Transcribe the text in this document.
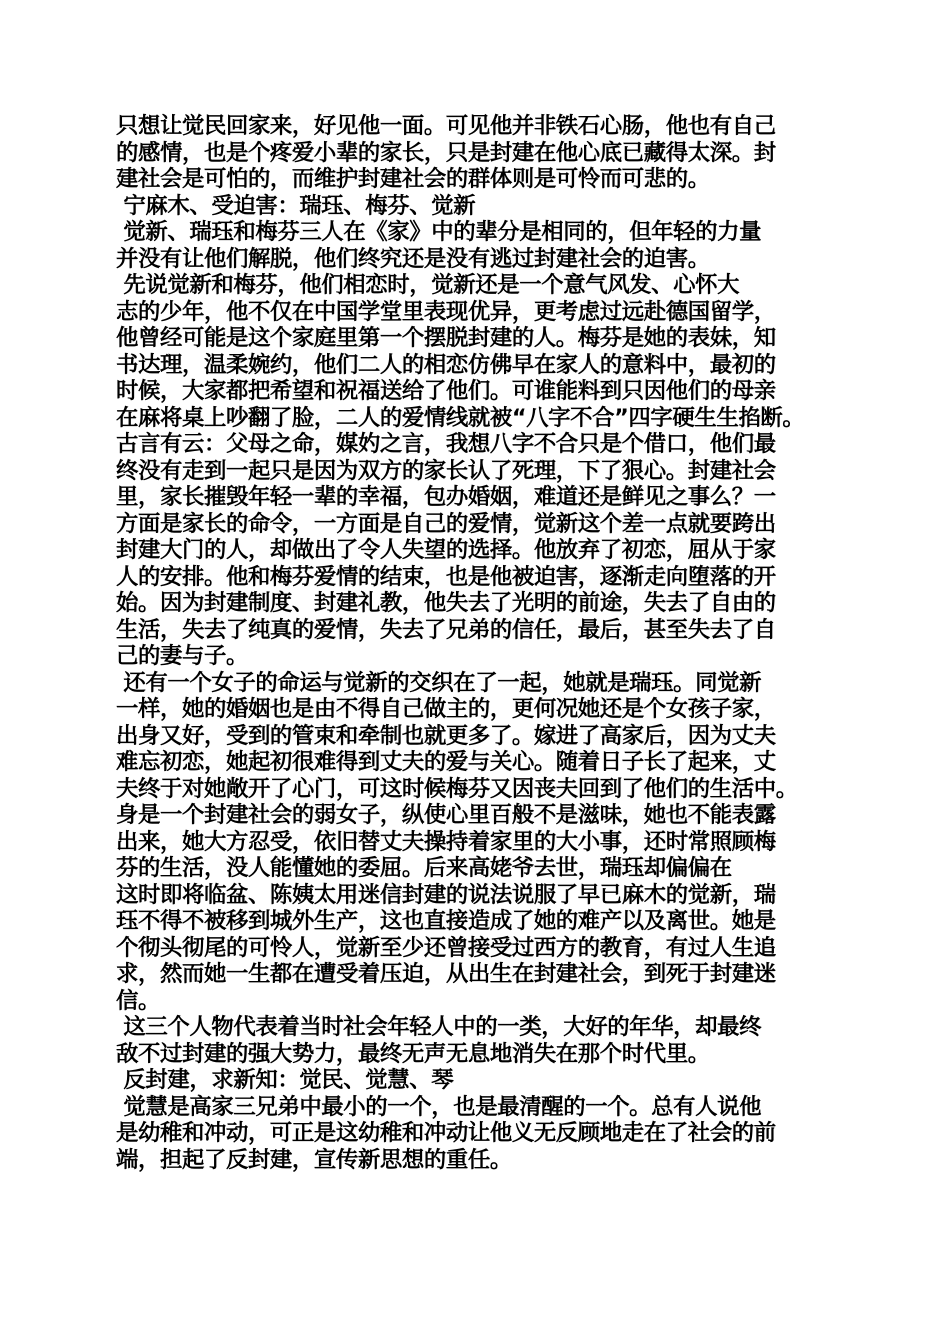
只想让觉民回家来，好见他一面。可见他并非铁石心肠，他也有自己
的感情，也是个疼爱小辈的家长，只是封建在他心底已藏得太深。封
建社会是可怕的，而维护封建社会的群体则是可怜而可悲的。
宁麻木、受迫害：瑞珏、梅芬、觉新
觉新、瑞珏和梅芬三人在《家》中的辈分是相同的，但年轻的力量
并没有让他们解脱，他们终究还是没有逃过封建社会的迫害。
先说觉新和梅芬，他们相恋时，觉新还是一个意气风发、心怀大
志的少年，他不仅在中国学堂里表现优异，更考虑过远赴德国留学，
他曾经可能是这个家庭里第一个摆脱封建的人。梅芬是她的表妹，知
书达理，温柔婉约，他们二人的相恋仿佛早在家人的意料中，最初的
时候，大家都把希望和祝福送给了他们。可谁能料到只因他们的母亲
在麻将桌上吵翻了脸，二人的爱情线就被“八字不合”四字硬生生掐断。
古言有云：父母之命，媒妁之言，我想八字不合只是个借口，他们最
终没有走到一起只是因为双方的家长认了死理，下了狠心。封建社会
里，家长摧毁年轻一辈的幸福，包办婚姻，难道还是鲜见之事么？一
方面是家长的命令，一方面是自己的爱情，觉新这个差一点就要跨出
封建大门的人，却做出了令人失望的选择。他放弃了初恋，屈从于家
人的安排。他和梅芬爱情的结束，也是他被迫害，逐渐走向堕落的开
始。因为封建制度、封建礼教，他失去了光明的前途，失去了自由的
生活，失去了纯真的爱情，失去了兄弟的信任，最后，甚至失去了自
己的妻与子。
还有一个女子的命运与觉新的交织在了一起，她就是瑞珏。同觉新
一样，她的婚姻也是由不得自己做主的，更何况她还是个女孩子家，
出身又好，受到的管束和牵制也就更多了。嫁进了高家后，因为丈夫
难忘初恋，她起初很难得到丈夫的爱与关心。随着日子长了起来，丈
夫终于对她敞开了心门，可这时候梅芬又因丧夫回到了他们的生活中。
身是一个封建社会的弱女子，纵使心里百般不是滋味，她也不能表露
出来，她大方忍受，依旧替丈夫操持着家里的大小事，还时常照顾梅
芬的生活，没人能懂她的委屈。后来高姥爷去世，瑞珏却偏偏在
这时即将临盆、陈姨太用迷信封建的说法说服了早已麻木的觉新，瑞
珏不得不被移到城外生产，这也直接造成了她的难产以及离世。她是
个彻头彻尾的可怜人，觉新至少还曾接受过西方的教育，有过人生追
求，然而她一生都在遭受着压迫，从出生在封建社会，到死于封建迷
信。
这三个人物代表着当时社会年轻人中的一类，大好的年华，却最终
敌不过封建的强大势力，最终无声无息地消失在那个时代里。
反封建，求新知：觉民、觉慧、琴
觉慧是高家三兄弟中最小的一个，也是最清醒的一个。总有人说他
是幼稚和冲动，可正是这幼稚和冲动让他义无反顾地走在了社会的前
端，担起了反封建，宣传新思想的重任。
